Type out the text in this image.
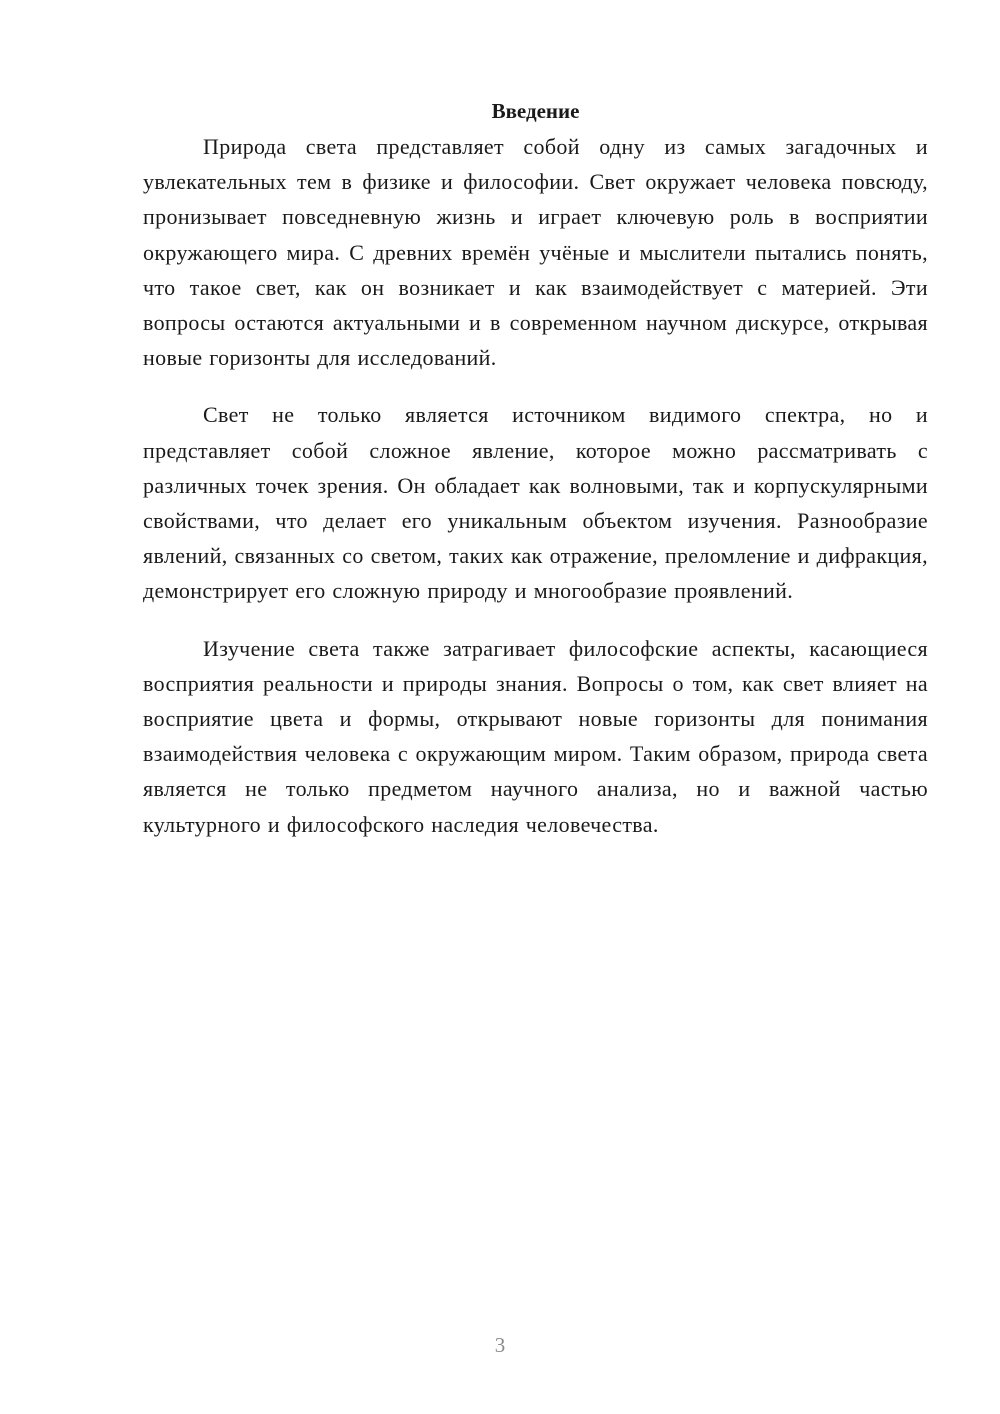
Введение

Природа света представляет собой одну из самых загадочных и увлекательных тем в физике и философии. Свет окружает человека повсюду, пронизывает повседневную жизнь и играет ключевую роль в восприятии окружающего мира. С древних времён учёные и мыслители пытались понять, что такое свет, как он возникает и как взаимодействует с материей. Эти вопросы остаются актуальными и в современном научном дискурсе, открывая новые горизонты для исследований.

Свет не только является источником видимого спектра, но и представляет собой сложное явление, которое можно рассматривать с различных точек зрения. Он обладает как волновыми, так и корпускулярными свойствами, что делает его уникальным объектом изучения. Разнообразие явлений, связанных со светом, таких как отражение, преломление и дифракция, демонстрирует его сложную природу и многообразие проявлений.

Изучение света также затрагивает философские аспекты, касающиеся восприятия реальности и природы знания. Вопросы о том, как свет влияет на восприятие цвета и формы, открывают новые горизонты для понимания взаимодействия человека с окружающим миром. Таким образом, природа света является не только предметом научного анализа, но и важной частью культурного и философского наследия человечества.

3
